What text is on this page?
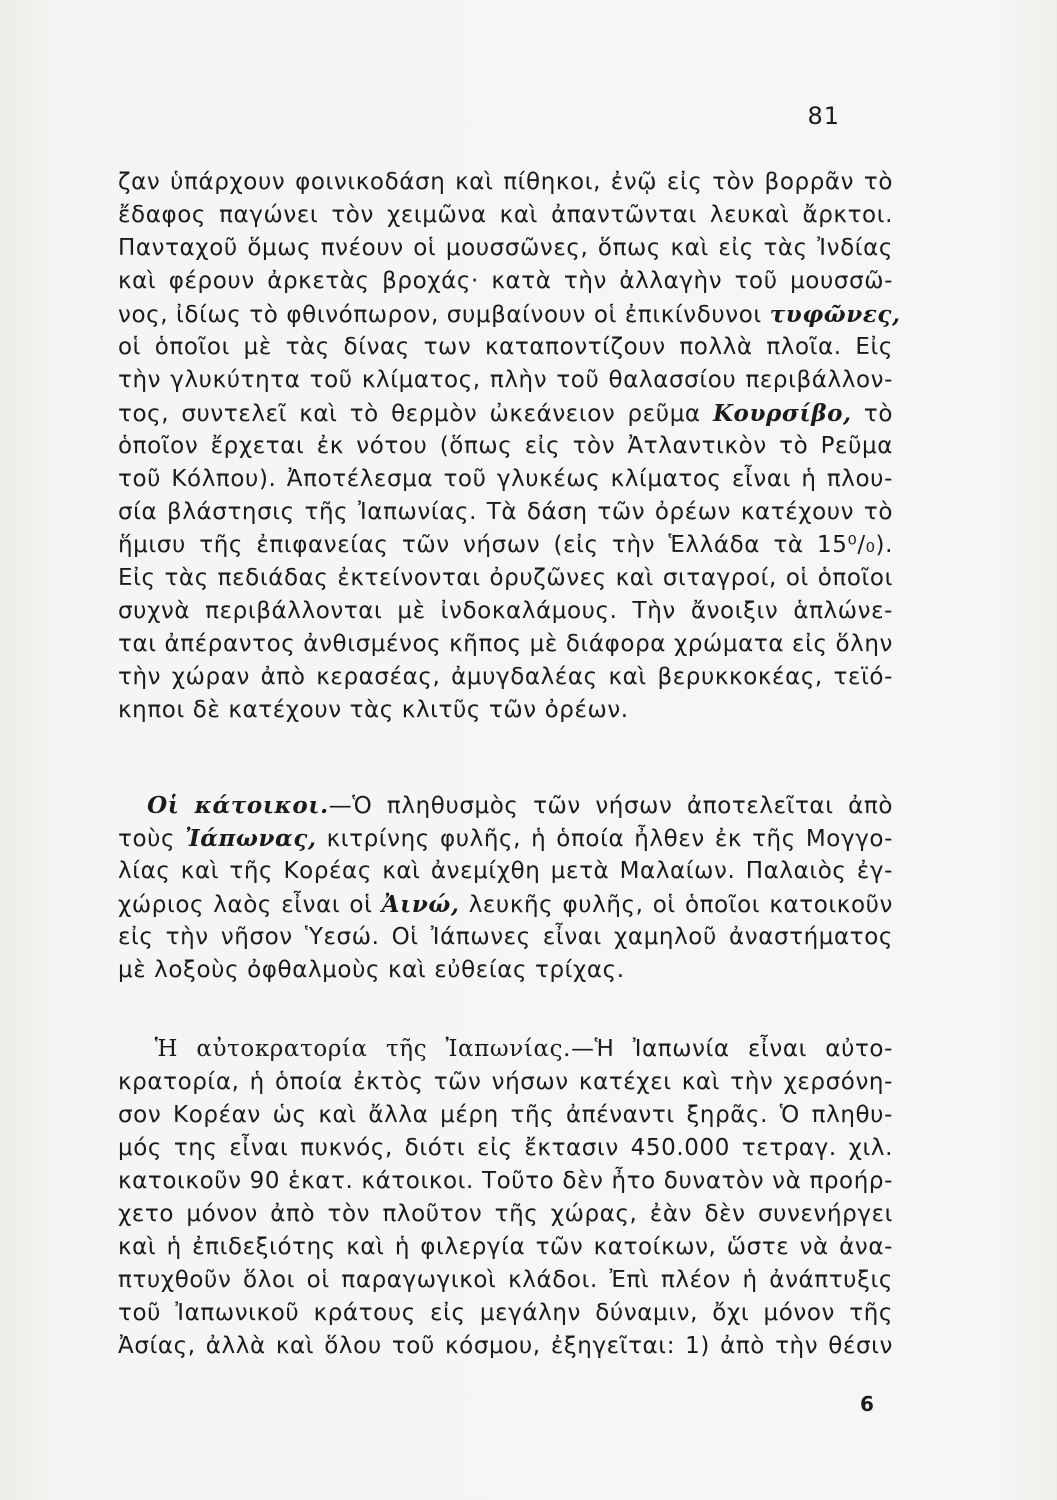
81
ζαν ὑπάρχουν φοινικοδάση καὶ πίθηκοι, ἐνῷ εἰς τὸν βορρᾶν τὸ
ἔδαφος παγώνει τὸν χειμῶνα καὶ ἀπαντῶνται λευκαὶ ἄρκτοι.
Πανταχοῦ ὅμως πνέουν οἱ μουσσῶνες, ὅπως καὶ εἰς τὰς Ἰνδίας
καὶ φέρουν ἀρκετὰς βροχάς· κατὰ τὴν ἀλλαγὴν τοῦ μουσσῶ-
νος, ἰδίως τὸ φθινόπωρον, συμβαίνουν οἱ ἐπικίνδυνοι τυφῶνες,
οἱ ὁποῖοι μὲ τὰς δίνας των καταποντίζουν πολλὰ πλοῖα. Εἰς
τὴν γλυκύτητα τοῦ κλίματος, πλὴν τοῦ θαλασσίου περιβάλλον-
τος, συντελεῖ καὶ τὸ θερμὸν ὠκεάνειον ρεῦμα Κουρσίβο, τὸ
ὁποῖον ἔρχεται ἐκ νότου (ὅπως εἰς τὸν Ἀτλαντικὸν τὸ Ρεῦμα
τοῦ Κόλπου). Ἀποτέλεσμα τοῦ γλυκέως κλίματος εἶναι ἡ πλου-
σία βλάστησις τῆς Ἰαπωνίας. Τὰ δάση τῶν ὀρέων κατέχουν τὸ
ἥμισυ τῆς ἐπιφανείας τῶν νήσων (εἰς τὴν Ἑλλάδα τὰ 15⁰/₀).
Εἰς τὰς πεδιάδας ἐκτείνονται ὀρυζῶνες καὶ σιταγροί, οἱ ὁποῖοι
συχνὰ περιβάλλονται μὲ ἰνδοκαλάμους. Τὴν ἄνοιξιν ἁπλώνε-
ται ἀπέραντος ἀνθισμένος κῆπος μὲ διάφορα χρώματα εἰς ὅλην
τὴν χώραν ἀπὸ κερασέας, ἀμυγδαλέας καὶ βερυκκοκέας, τεϊό-
κηποι δὲ κατέχουν τὰς κλιτῦς τῶν ὀρέων.
Οἱ κάτοικοι.—Ὁ πληθυσμὸς τῶν νήσων ἀποτελεῖται ἀπὸ
τοὺς Ἰάπωνας, κιτρίνης φυλῆς, ἡ ὁποία ἦλθεν ἐκ τῆς Μογγο-
λίας καὶ τῆς Κορέας καὶ ἀνεμίχθη μετὰ Μαλαίων. Παλαιὸς ἐγ-
χώριος λαὸς εἶναι οἱ Ἀινώ, λευκῆς φυλῆς, οἱ ὁποῖοι κατοικοῦν
εἰς τὴν νῆσον Ὑεσώ. Οἱ Ἰάπωνες εἶναι χαμηλοῦ ἀναστήματος
μὲ λοξοὺς ὀφθαλμοὺς καὶ εὐθείας τρίχας.
Ἡ αὐτοκρατορία τῆς Ἰαπωνίας.—Ἡ Ἰαπωνία εἶναι αὐτο-
κρατορία, ἡ ὁποία ἐκτὸς τῶν νήσων κατέχει καὶ τὴν χερσόνη-
σον Κορέαν ὡς καὶ ἄλλα μέρη τῆς ἀπέναντι ξηρᾶς. Ὁ πληθυ-
μός της εἶναι πυκνός, διότι εἰς ἔκτασιν 450.000 τετραγ. χιλ.
κατοικοῦν 90 ἑκατ. κάτοικοι. Τοῦτο δὲν ἦτο δυνατὸν νὰ προήρ-
χετο μόνον ἀπὸ τὸν πλοῦτον τῆς χώρας, ἐὰν δὲν συνενήργει
καὶ ἡ ἐπιδεξιότης καὶ ἡ φιλεργία τῶν κατοίκων, ὥστε νὰ ἀνα-
πτυχθοῦν ὅλοι οἱ παραγωγικοὶ κλάδοι. Ἐπὶ πλέον ἡ ἀνάπτυξις
τοῦ Ἰαπωνικοῦ κράτους εἰς μεγάλην δύναμιν, ὄχι μόνον τῆς
Ἀσίας, ἀλλὰ καὶ ὅλου τοῦ κόσμου, ἐξηγεῖται: 1) ἀπὸ τὴν θέσιν
6
